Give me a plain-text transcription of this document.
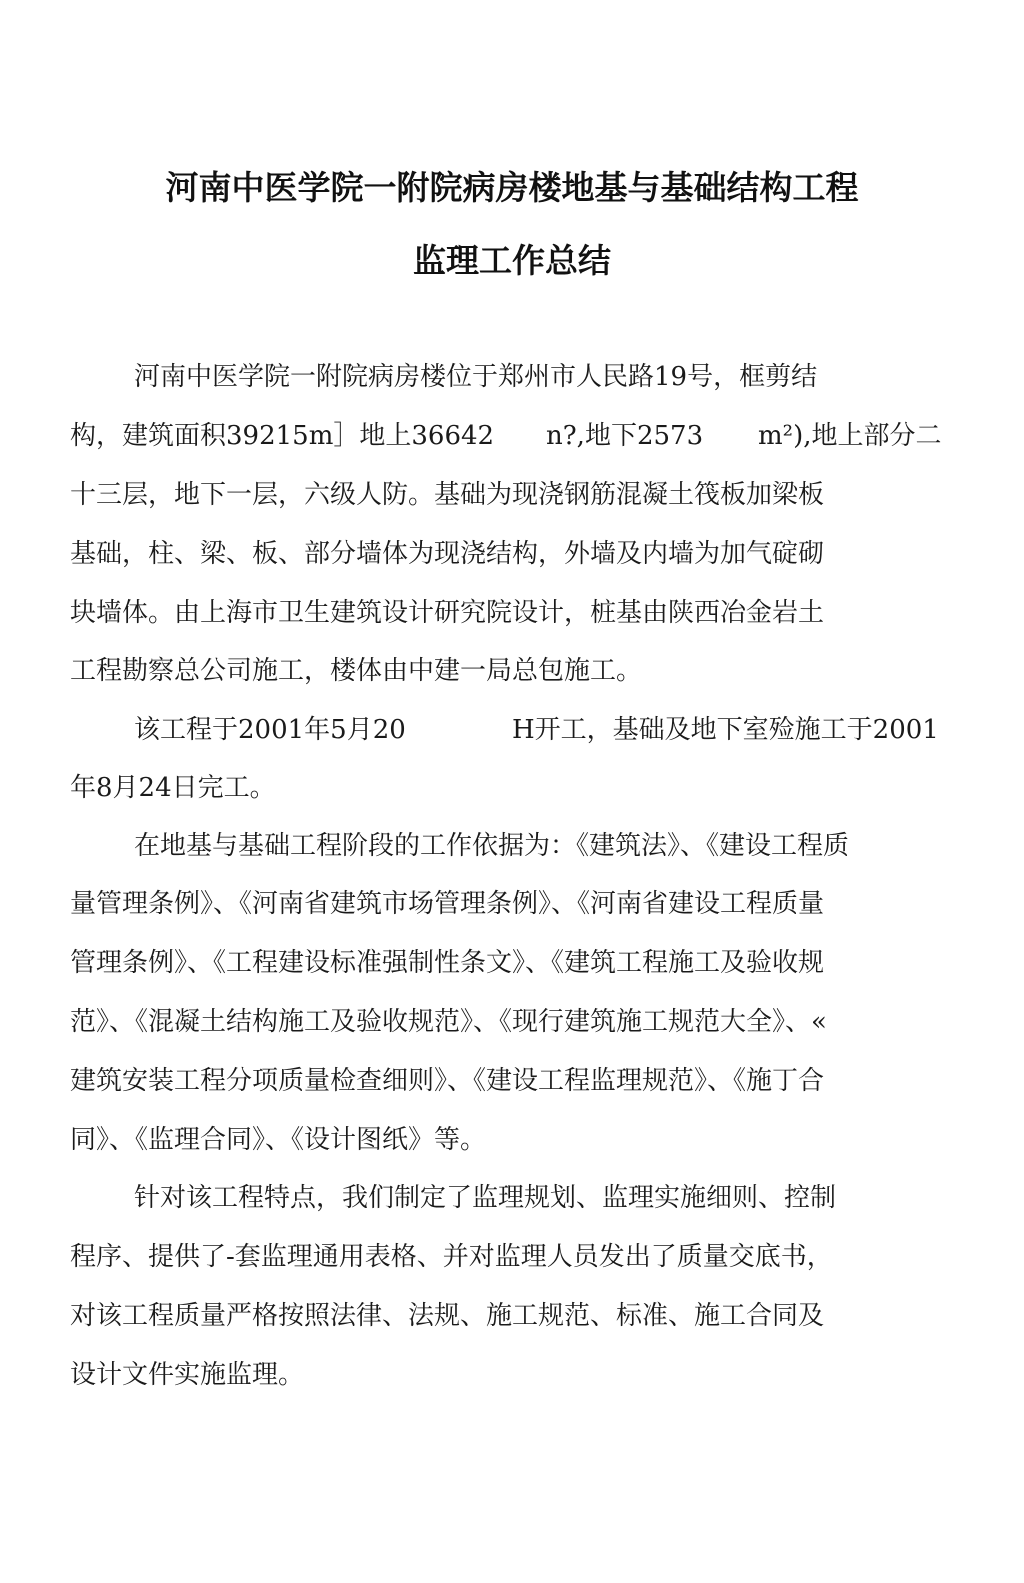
河南中医学院一附院病房楼地基与基础结构工程
监理工作总结

河南中医学院一附院病房楼位于郑州市人民路19号，框剪结

构，建筑面积39215m］地上36642 n?,地下2573 m²),地上部分二

十三层，地下一层，六级人防。基础为现浇钢筋混凝土筏板加梁板

基础，柱、梁、板、部分墙体为现浇结构，外墙及内墙为加气碇砌

块墙体。由上海市卫生建筑设计研究院设计，桩基由陕西冶金岩土

工程勘察总公司施工，楼体由中建一局总包施工。

该工程于2001年5月20	H开工，基础及地下室殓施工于2001

年8月24日完工。

在地基与基础工程阶段的工作依据为：《建筑法》、《建设工程质

量管理条例》、《河南省建筑市场管理条例》、《河南省建设工程质量

管理条例》、《工程建设标准强制性条文》、《建筑工程施工及验收规

范》、《混凝土结构施工及验收规范》、《现行建筑施工规范大全》、«

建筑安装工程分项质量检查细则》、《建设工程监理规范》、《施丁合

同》、《监理合同》、《设计图纸》等。

针对该工程特点，我们制定了监理规划、监理实施细则、控制

程序、提供了-套监理通用表格、并对监理人员发出了质量交底书，

对该工程质量严格按照法律、法规、施工规范、标准、施工合同及

设计文件实施监理。
